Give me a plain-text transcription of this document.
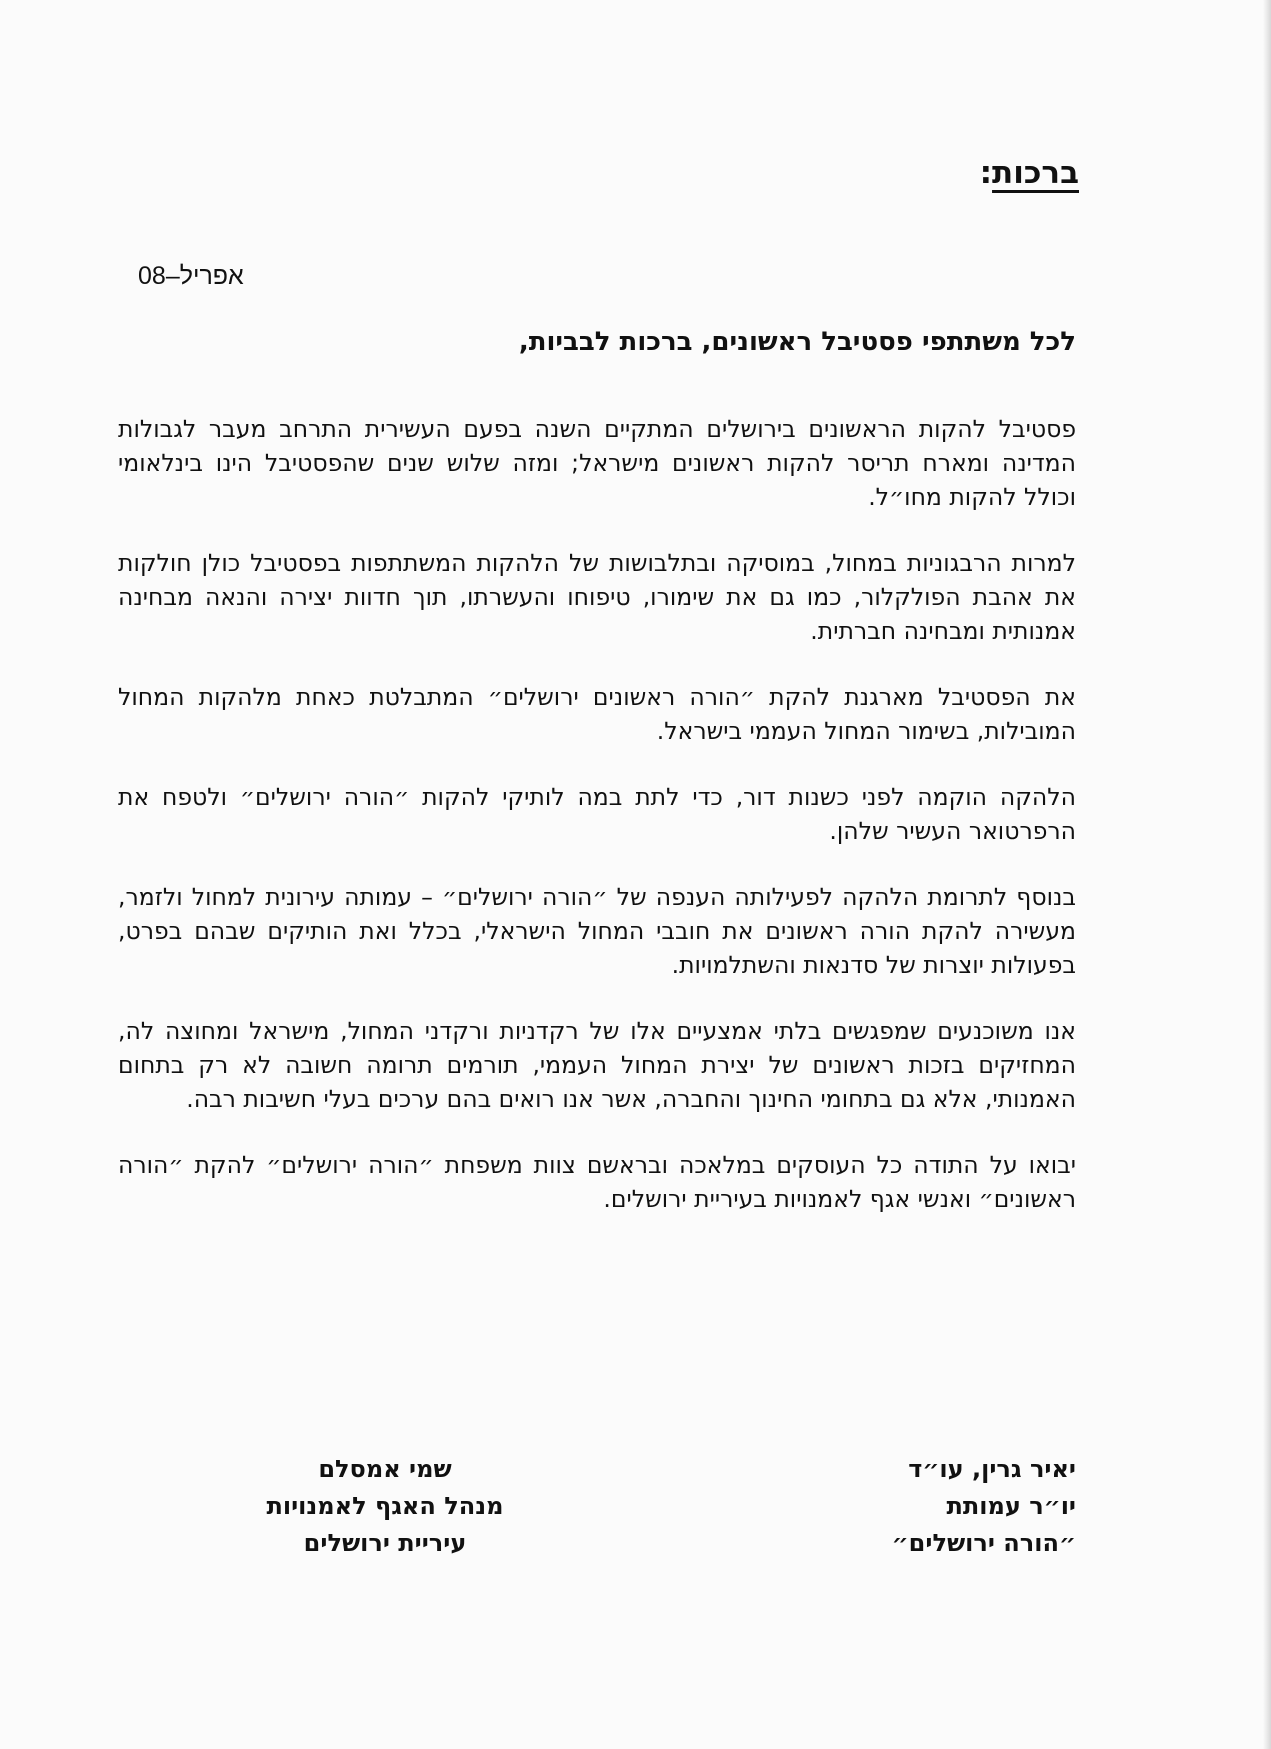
ברכות:
אפריל–08
לכל משתתפי פסטיבל ראשונים, ברכות לבביות,

פסטיבל להקות הראשונים בירושלים המתקיים השנה בפעם העשירית התרחב מעבר לגבולות המדינה ומארח תריסר להקות ראשונים מישראל; ומזה שלוש שנים שהפסטיבל הינו בינלאומי וכולל להקות מחו״ל.

למרות הרבגוניות במחול, במוסיקה ובתלבושות של הלהקות המשתתפות בפסטיבל כולן חולקות את אהבת הפולקלור, כמו גם את שימורו, טיפוחו והעשרתו, תוך חדוות יצירה והנאה מבחינה אמנותית ומבחינה חברתית.

את הפסטיבל מארגנת להקת ״הורה ראשונים ירושלים״ המתבלטת כאחת מלהקות המחול המובילות, בשימור המחול העממי בישראל.

הלהקה הוקמה לפני כשנות דור, כדי לתת במה לותיקי להקות ״הורה ירושלים״ ולטפח את הרפרטואר העשיר שלהן.

בנוסף לתרומת הלהקה לפעילותה הענפה של ״הורה ירושלים״ – עמותה עירונית למחול ולזמר, מעשירה להקת הורה ראשונים את חובבי המחול הישראלי, בכלל ואת הותיקים שבהם בפרט, בפעולות יוצרות של סדנאות והשתלמויות.

אנו משוכנעים שמפגשים בלתי אמצעיים אלו של רקדניות ורקדני המחול, מישראל ומחוצה לה, המחזיקים בזכות ראשונים של יצירת המחול העממי, תורמים תרומה חשובה לא רק בתחום האמנותי, אלא גם בתחומי החינוך והחברה, אשר אנו רואים בהם ערכים בעלי חשיבות רבה.

יבואו על התודה כל העוסקים במלאכה ובראשם צוות משפחת ״הורה ירושלים״ להקת ״הורה ראשונים״ ואנשי אגף לאמנויות בעיריית ירושלים.

יאיר גרין, עו״ד
יו״ר עמותת
״הורה ירושלים״
שמי אמסלם
מנהל האגף לאמנויות
עיריית ירושלים
